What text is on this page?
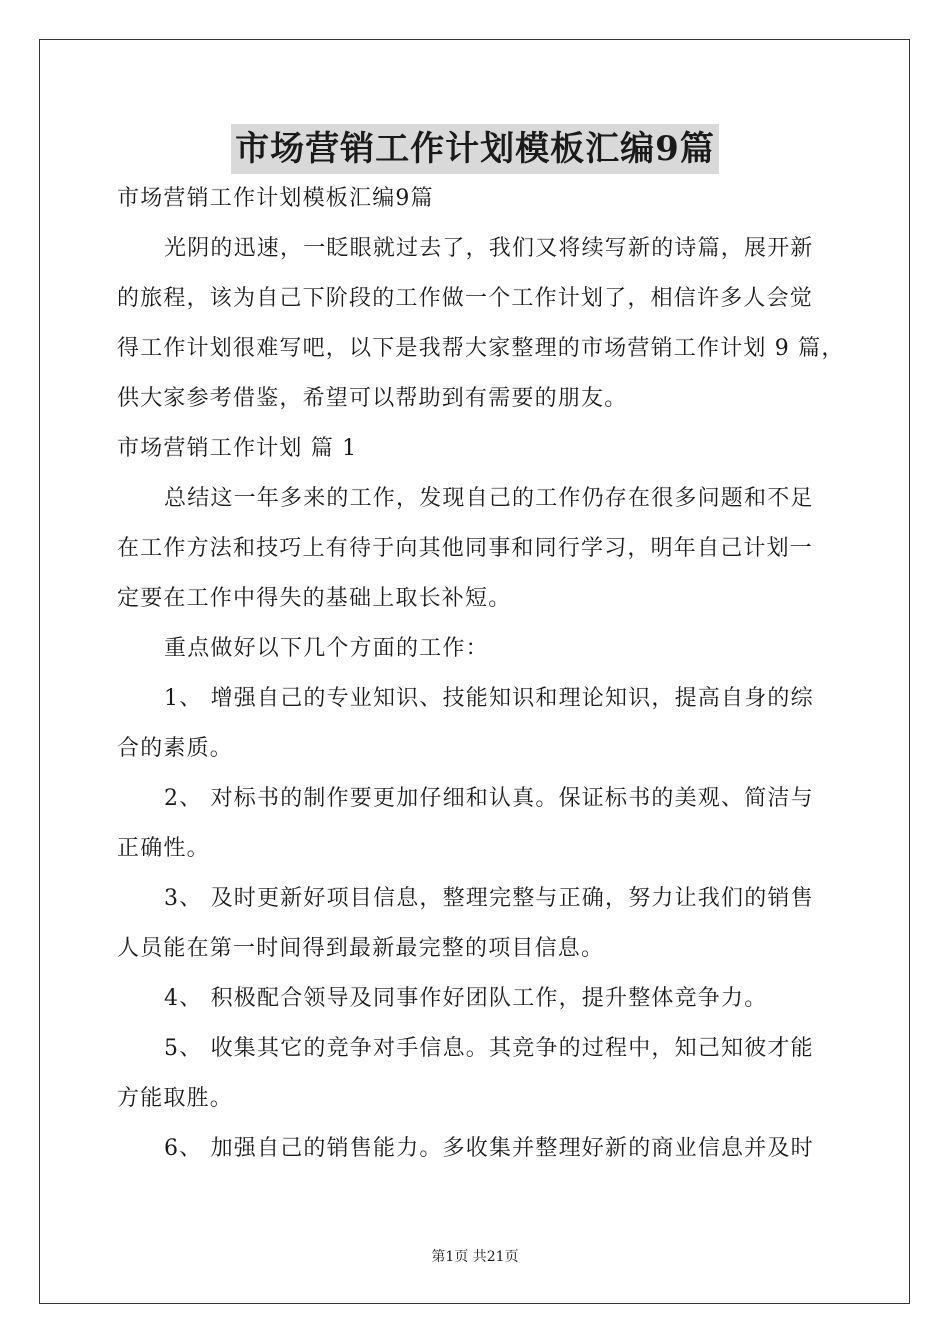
市场营销工作计划模板汇编9篇
市场营销工作计划模板汇编9篇
光阴的迅速，一眨眼就过去了，我们又将续写新的诗篇，展开新
的旅程，该为自己下阶段的工作做一个工作计划了，相信许多人会觉
得工作计划很难写吧，以下是我帮大家整理的市场营销工作计划 9 篇，
供大家参考借鉴，希望可以帮助到有需要的朋友。
市场营销工作计划 篇 1
总结这一年多来的工作，发现自己的工作仍存在很多问题和不足
在工作方法和技巧上有待于向其他同事和同行学习，明年自己计划一
定要在工作中得失的基础上取长补短。
重点做好以下几个方面的工作：
1、 增强自己的专业知识、技能知识和理论知识，提高自身的综
合的素质。
2、 对标书的制作要更加仔细和认真。保证标书的美观、简洁与
正确性。
3、 及时更新好项目信息，整理完整与正确，努力让我们的销售
人员能在第一时间得到最新最完整的项目信息。
4、 积极配合领导及同事作好团队工作，提升整体竞争力。
5、 收集其它的竞争对手信息。其竞争的过程中，知己知彼才能
方能取胜。
6、 加强自己的销售能力。多收集并整理好新的商业信息并及时
第1页 共21页
